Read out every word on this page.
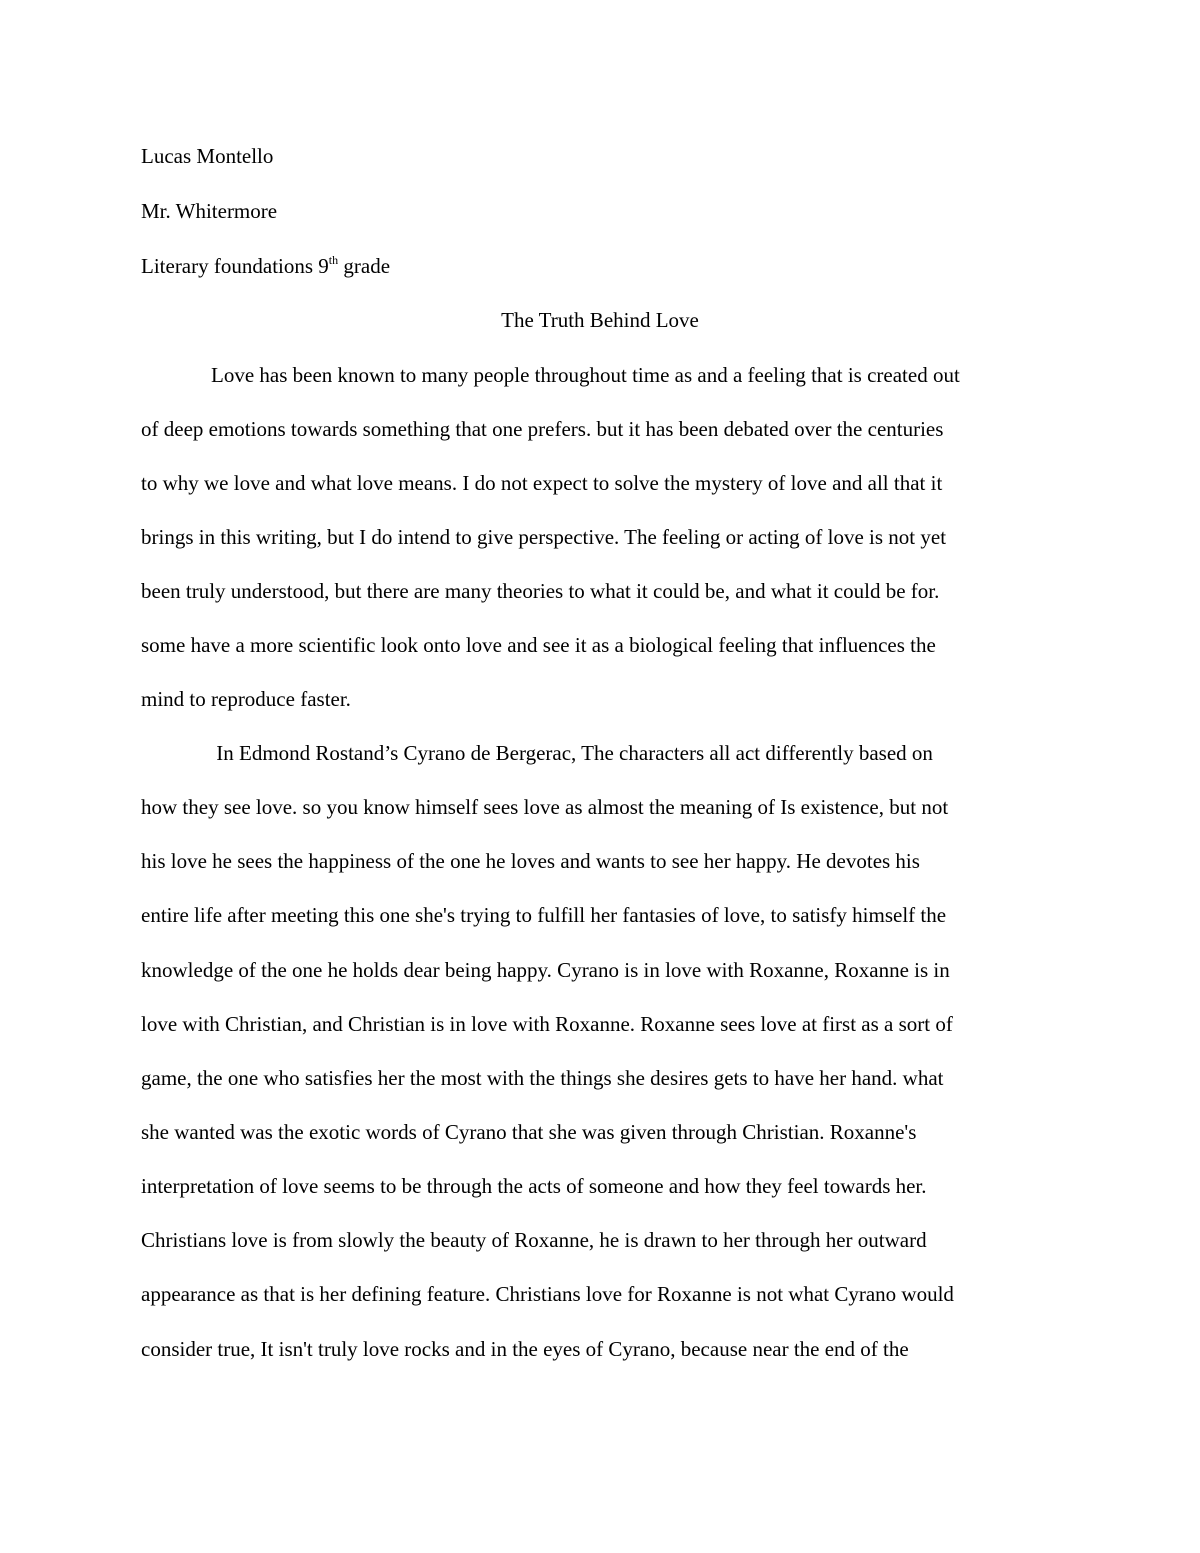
Lucas Montello
Mr. Whitermore
Literary foundations 9th grade
The Truth Behind Love
Love has been known to many people throughout time as and a feeling that is created out
of deep emotions towards something that one prefers. but it has been debated over the centuries
to why we love and what love means. I do not expect to solve the mystery of love and all that it
brings in this writing, but I do intend to give perspective. The feeling or acting of love is not yet
been truly understood, but there are many theories to what it could be, and what it could be for.
some have a more scientific look onto love and see it as a biological feeling that influences the
mind to reproduce faster.
In Edmond Rostand’s Cyrano de Bergerac, The characters all act differently based on
how they see love. so you know himself sees love as almost the meaning of Is existence, but not
his love he sees the happiness of the one he loves and wants to see her happy. He devotes his
entire life after meeting this one she's trying to fulfill her fantasies of love, to satisfy himself the
knowledge of the one he holds dear being happy. Cyrano is in love with Roxanne, Roxanne is in
love with Christian, and Christian is in love with Roxanne. Roxanne sees love at first as a sort of
game, the one who satisfies her the most with the things she desires gets to have her hand. what
she wanted was the exotic words of Cyrano that she was given through Christian. Roxanne's
interpretation of love seems to be through the acts of someone and how they feel towards her.
Christians love is from slowly the beauty of Roxanne, he is drawn to her through her outward
appearance as that is her defining feature. Christians love for Roxanne is not what Cyrano would
consider true, It isn't truly love rocks and in the eyes of Cyrano, because near the end of the
